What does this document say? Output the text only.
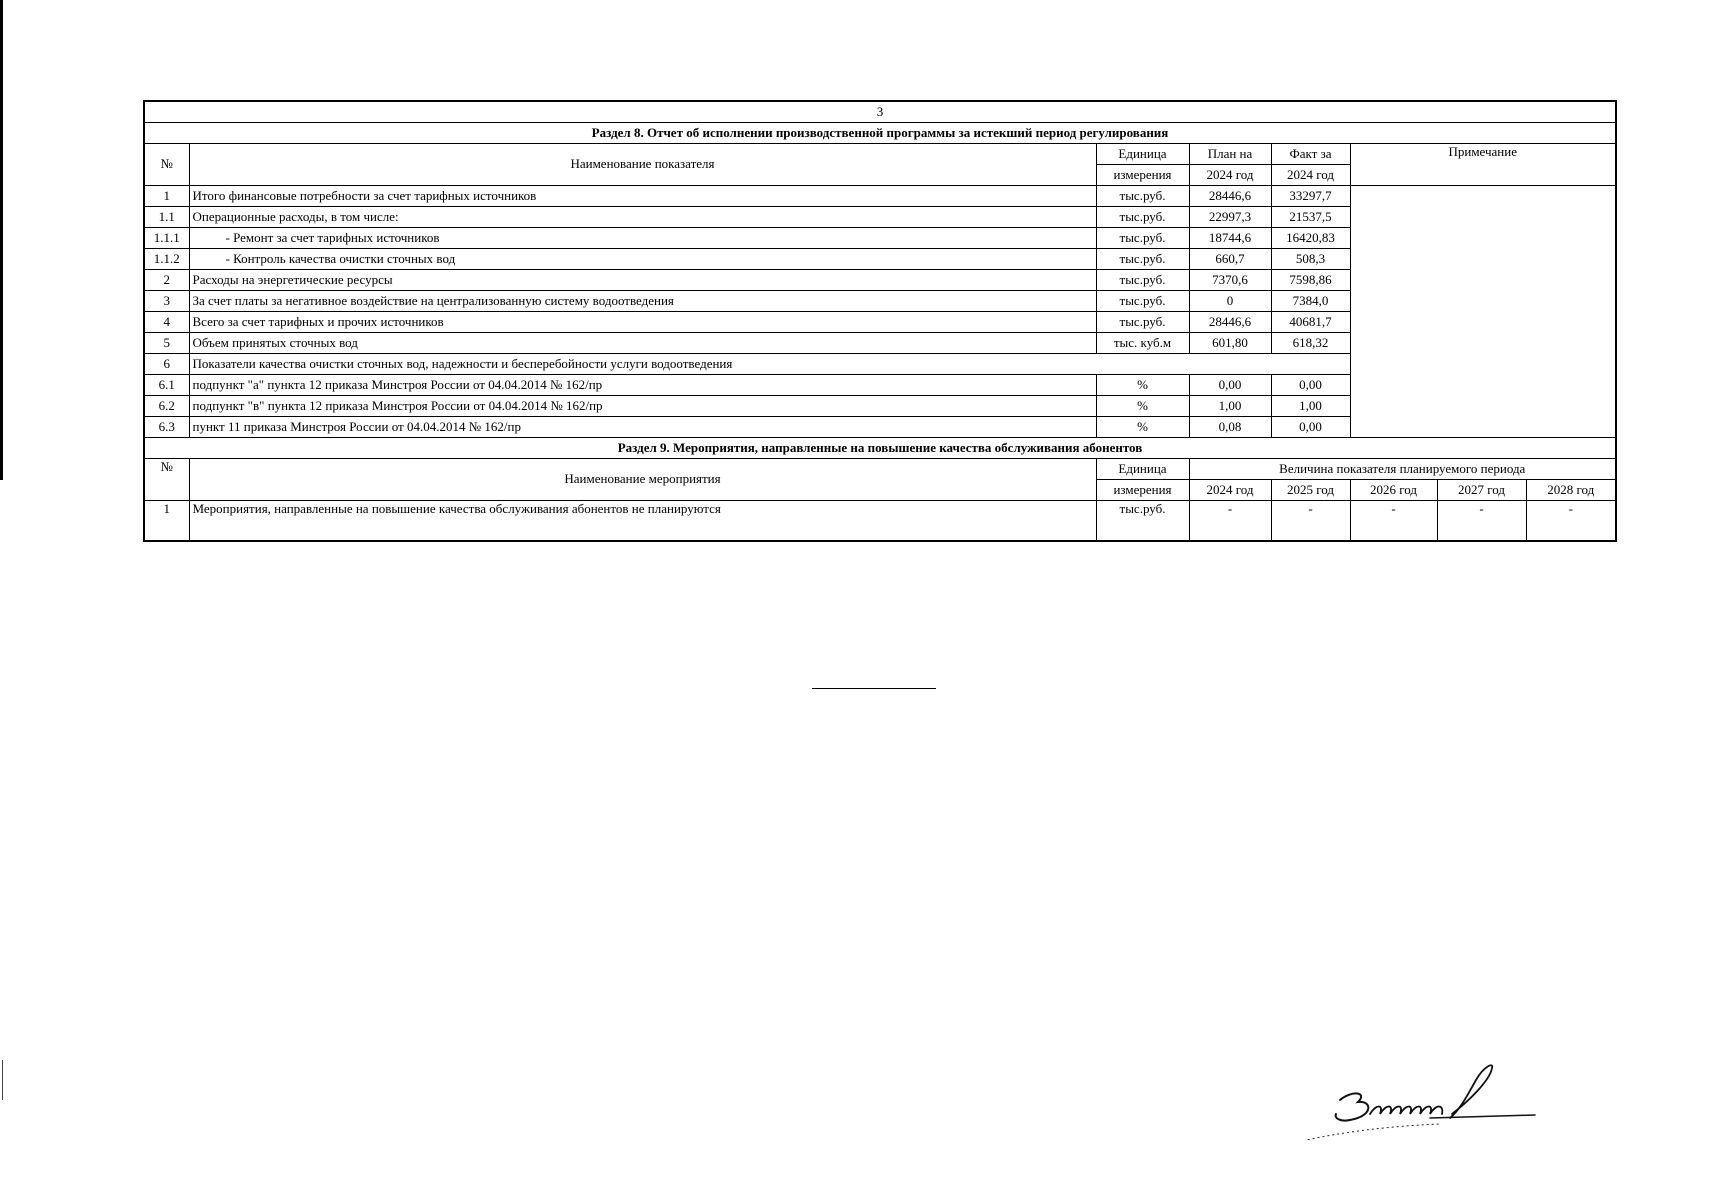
3							
Раздел 8. Отчет об исполнении производственной программы за истекший период регулирования							
№	Наименование показателя	Единица	План на	Факт за	Примечание		
		измерения	2024 год	2024 год			
1	Итого финансовые потребности за счет тарифных источников	тыс.руб.	28446,6	33297,7			
1.1	Операционные расходы, в том числе:	тыс.руб.	22997,3	21537,5			
1.1.1	- Ремонт за счет тарифных источников	тыс.руб.	18744,6	16420,83			
1.1.2	- Контроль качества очистки сточных вод	тыс.руб.	660,7	508,3			
2	Расходы на энергетические ресурсы	тыс.руб.	7370,6	7598,86			
3	За счет платы за негативное воздействие на централизованную систему водоотведения	тыс.руб.	0	7384,0			
4	Всего за счет тарифных и прочих источников	тыс.руб.	28446,6	40681,7			
5	Объем принятых сточных вод	тыс. куб.м	601,80	618,32			
6	Показатели качества очистки сточных вод, надежности и бесперебойности услуги водоотведения						
6.1	подпункт "а" пункта 12 приказа Минстроя России от 04.04.2014 № 162/пр	%	0,00	0,00			
6.2	подпункт "в" пункта 12 приказа Минстроя России от 04.04.2014 № 162/пр	%	1,00	1,00			
6.3	пункт 11 приказа Минстроя России от 04.04.2014 № 162/пр	%	0,08	0,00			
Раздел 9. Мероприятия, направленные на повышение качества обслуживания абонентов							
№	Наименование мероприятия	Единица	Величина показателя планируемого периода				
		измерения	2024 год	2025 год	2026 год	2027 год	2028 год
1	Мероприятия, направленные на повышение качества обслуживания абонентов не планируются	тыс.руб.	-	-	-	-	-
